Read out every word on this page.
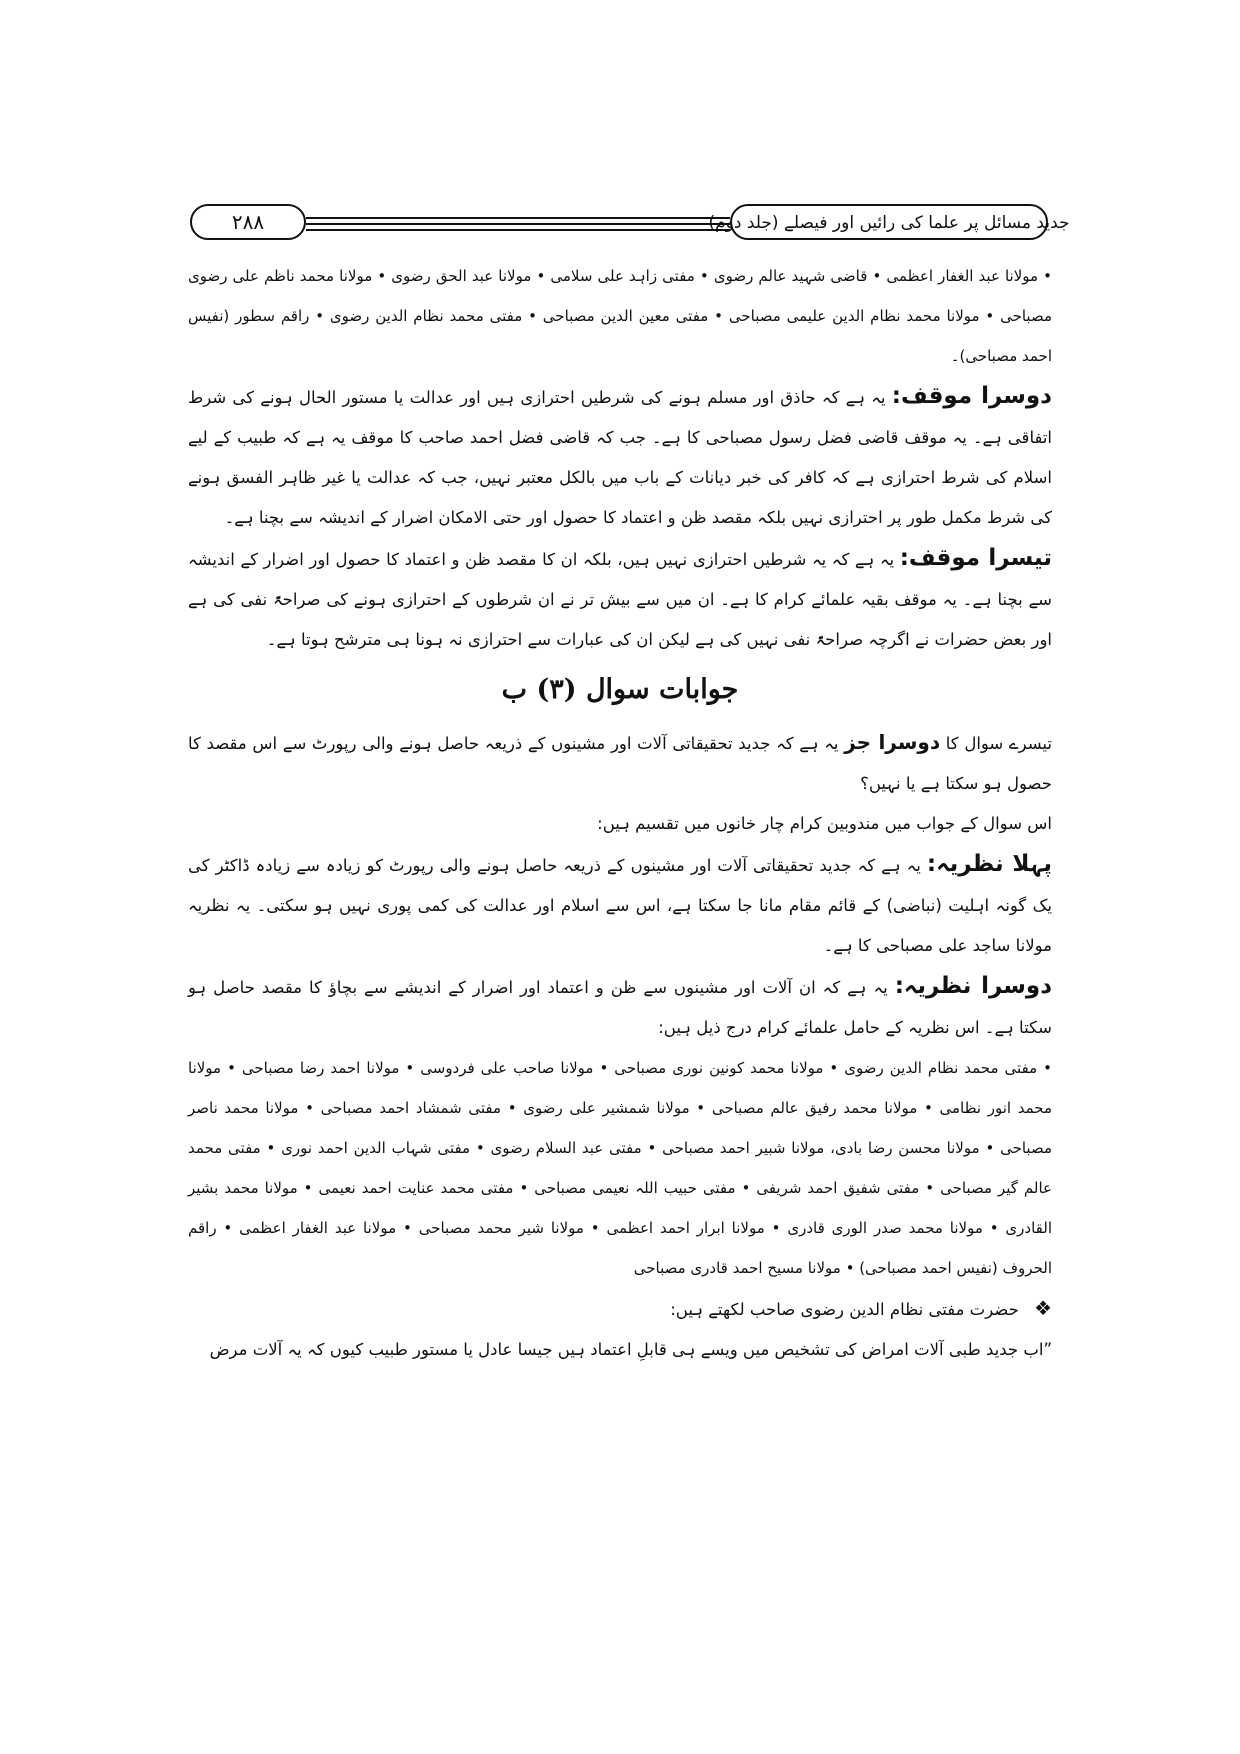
۲۸۸	جدید مسائل پر علما کی رائیں اور فیصلے (جلد دوم)

• مولانا عبد الغفار اعظمی • قاضی شہید عالم رضوی • مفتی زاہد علی سلامی • مولانا عبد الحق رضوی • مولانا محمد ناظم علی رضوی مصباحی • مولانا محمد نظام الدین علیمی مصباحی • مفتی معین الدین مصباحی • مفتی محمد نظام الدین رضوی • راقم سطور (نفیس احمد مصباحی)۔

دوسرا موقف: یہ ہے کہ حاذق اور مسلم ہونے کی شرطیں احترازی ہیں اور عدالت یا مستور الحال ہونے کی شرط اتفاقی ہے۔ یہ موقف قاضی فضل رسول مصباحی کا ہے۔ جب کہ قاضی فضل احمد صاحب کا موقف یہ ہے کہ طبیب کے لیے اسلام کی شرط احترازی ہے کہ کافر کی خبر دیانات کے باب میں بالکل معتبر نہیں، جب کہ عدالت یا غیر ظاہر الفسق ہونے کی شرط مکمل طور پر احترازی نہیں بلکہ مقصد ظن و اعتماد کا حصول اور حتی الامکان اضرار کے اندیشہ سے بچنا ہے۔

تیسرا موقف: یہ ہے کہ یہ شرطیں احترازی نہیں ہیں، بلکہ ان کا مقصد ظن و اعتماد کا حصول اور اضرار کے اندیشہ سے بچنا ہے۔ یہ موقف بقیہ علمائے کرام کا ہے۔ ان میں سے بیش تر نے ان شرطوں کے احترازی ہونے کی صراحۃً نفی کی ہے اور بعض حضرات نے اگرچہ صراحۃً نفی نہیں کی ہے لیکن ان کی عبارات سے احترازی نہ ہونا ہی مترشح ہوتا ہے۔

جوابات سوال (۳) ب

تیسرے سوال کا دوسرا جز یہ ہے کہ جدید تحقیقاتی آلات اور مشینوں کے ذریعہ حاصل ہونے والی رپورٹ سے اس مقصد کا حصول ہو سکتا ہے یا نہیں؟

اس سوال کے جواب میں مندوبین کرام چار خانوں میں تقسیم ہیں:

پہلا نظریہ: یہ ہے کہ جدید تحقیقاتی آلات اور مشینوں کے ذریعہ حاصل ہونے والی رپورٹ کو زیادہ سے زیادہ ڈاکٹر کی یک گونہ اہلیت (نباضی) کے قائم مقام مانا جا سکتا ہے، اس سے اسلام اور عدالت کی کمی پوری نہیں ہو سکتی۔ یہ نظریہ مولانا ساجد علی مصباحی کا ہے۔

دوسرا نظریہ: یہ ہے کہ ان آلات اور مشینوں سے ظن و اعتماد اور اضرار کے اندیشے سے بچاؤ کا مقصد حاصل ہو سکتا ہے۔ اس نظریہ کے حامل علمائے کرام درج ذیل ہیں:

• مفتی محمد نظام الدین رضوی • مولانا محمد کونین نوری مصباحی • مولانا صاحب علی فردوسی • مولانا احمد رضا مصباحی • مولانا محمد انور نظامی • مولانا محمد رفیق عالم مصباحی • مولانا شمشیر علی رضوی • مفتی شمشاد احمد مصباحی • مولانا محمد ناصر مصباحی • مولانا محسن رضا بادی، مولانا شبیر احمد مصباحی • مفتی عبد السلام رضوی • مفتی شہاب الدین احمد نوری • مفتی محمد عالم گیر مصباحی • مفتی شفیق احمد شریفی • مفتی حبیب اللہ نعیمی مصباحی • مفتی محمد عنایت احمد نعیمی • مولانا محمد بشیر القادری • مولانا محمد صدر الوری قادری • مولانا ابرار احمد اعظمی • مولانا شیر محمد مصباحی • مولانا عبد الغفار اعظمی • راقم الحروف (نفیس احمد مصباحی) • مولانا مسیح احمد قادری مصباحی

❖ حضرت مفتی نظام الدین رضوی صاحب لکھتے ہیں:

”اب جدید طبی آلات امراض کی تشخیص میں ویسے ہی قابلِ اعتماد ہیں جیسا عادل یا مستور طبیب کیوں کہ یہ آلات مرض
